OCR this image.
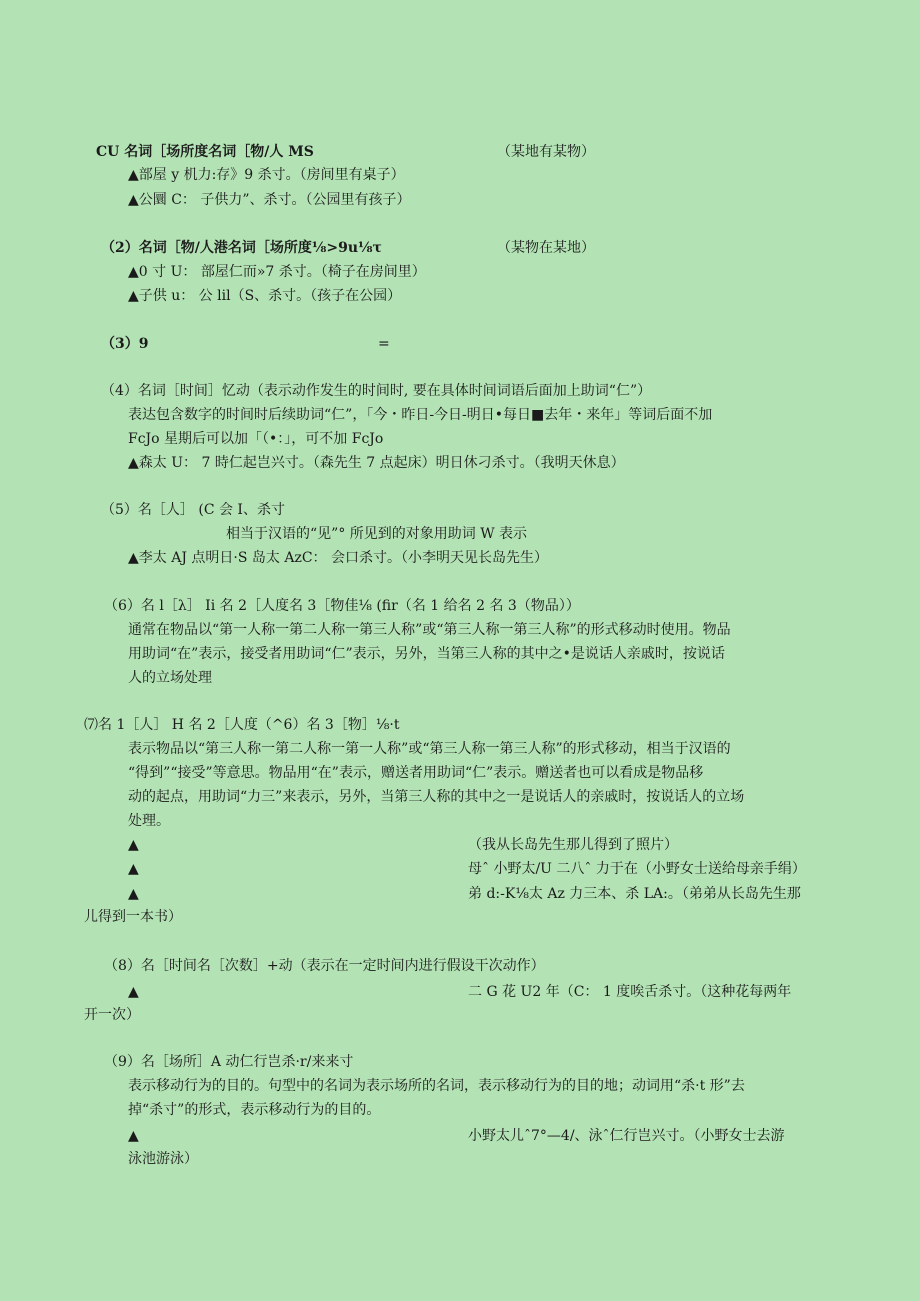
CU 名词［场所度名词［物/人 MS	（某地有某物）
▲部屋 y 机力:存》9 杀寸。（房间里有桌子）
▲公圜 C： 子供力”、杀寸。（公园里有孩子）
（2）名词［物/人港名词［场所度⅛>9u⅛τ	（某物在某地）
▲0 寸 U： 部屋仁而»7 杀寸。（椅子在房间里）
▲子供 u： 公 lil（S、杀寸。（孩子在公园）
（3）9	=
（4）名词［时间］忆动（表示动作发生的时间时, 要在具体时间词语后面加上助词“仁”）
表达包含数字的时间时后续助词“仁”，「今・昨日-今日-明日•每日■去年・来年」等词后面不加
FcJo 星期后可以加「（•：」，可不加 FcJo
▲森太 U： 7 時仁起岂兴寸。（森先生 7 点起床）明日休刁杀寸。（我明天休息）
（5）名［人］ (C 会 I、杀寸
相当于汉语的“见”° 所见到的对象用助词 W 表示
▲李太 AJ 点明日·S 岛太 AzC： 会口杀寸。（小李明天见长岛先生）
（6）名 l［λ］ Ii 名 2［人度名 3［物佳⅛ (fir（名 1 给名 2 名 3（物品））
通常在物品以“第一人称一第二人称一第三人称”或“第三人称一第三人称”的形式移动时使用。物品
用助词“在”表示，接受者用助词“仁”表示，另外，当第三人称的其中之•是说话人亲戚时，按说话
人的立场处理
⑺名 1［人］ H 名 2［人度（^6）名 3［物］⅛·t
表示物品以“第三人称一第二人称一第一人称”或“第三人称一第三人称”的形式移动，相当于汉语的
“得到”“接受”等意思。物品用“在”表示，赠送者用助词“仁”表示。赠送者也可以看成是物品移
动的起点，用助词“力三”来表示，另外，当第三人称的其中之一是说话人的亲戚时，按说话人的立场
处理。
▲	（我从长岛先生那儿得到了照片）
▲	母ˆ 小野太/U 二八ˆ 力于在（小野女士送给母亲手绢）
▲	弟 d:-K⅛太 Az 力三本、杀 LA:。（弟弟从长岛先生那
儿得到一本书）
（8）名［时间名［次数］+动（表示在一定时间内进行假设干次动作）
▲	二 G 花 U2 年（C： 1 度唉舌杀寸。（这种花每两年
开一次）
（9）名［场所］A 动仁行岂杀·r/来来寸
表示移动行为的目的。句型中的名词为表示场所的名词，表示移动行为的目的地；动词用“杀·t 形”去
掉“杀寸”的形式，表示移动行为的目的。
▲	小野太儿ˆ7°—4/、泳ˆ仁行岂兴寸。（小野女士去游
泳池游泳）
